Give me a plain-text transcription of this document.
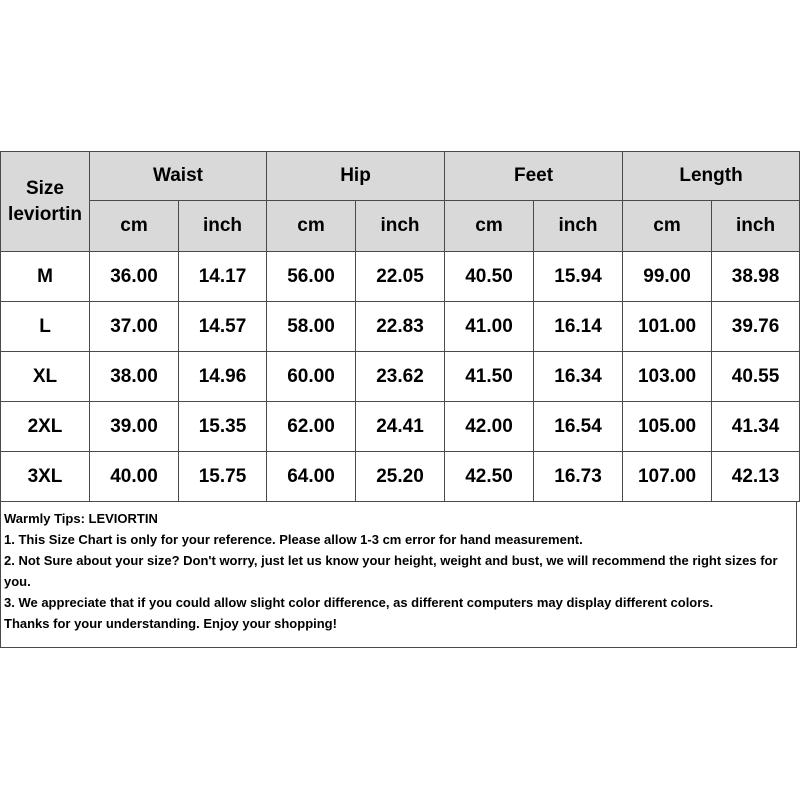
Size
leviortin	Waist		Hip		Feet		Length	
	cm	inch	cm	inch	cm	inch	cm	inch
M	36.00	14.17	56.00	22.05	40.50	15.94	99.00	38.98
L	37.00	14.57	58.00	22.83	41.00	16.14	101.00	39.76
XL	38.00	14.96	60.00	23.62	41.50	16.34	103.00	40.55
2XL	39.00	15.35	62.00	24.41	42.00	16.54	105.00	41.34
3XL	40.00	15.75	64.00	25.20	42.50	16.73	107.00	42.13

Warmly Tips: LEVIORTIN

1. This Size Chart is only for your reference. Please allow 1-3 cm error for hand measurement.

2. Not Sure about your size? Don't worry, just let us know your height, weight and bust, we will recommend the right sizes for you.

3. We appreciate that if you could allow slight color difference, as different computers may display different colors.

Thanks for your understanding. Enjoy your shopping!
